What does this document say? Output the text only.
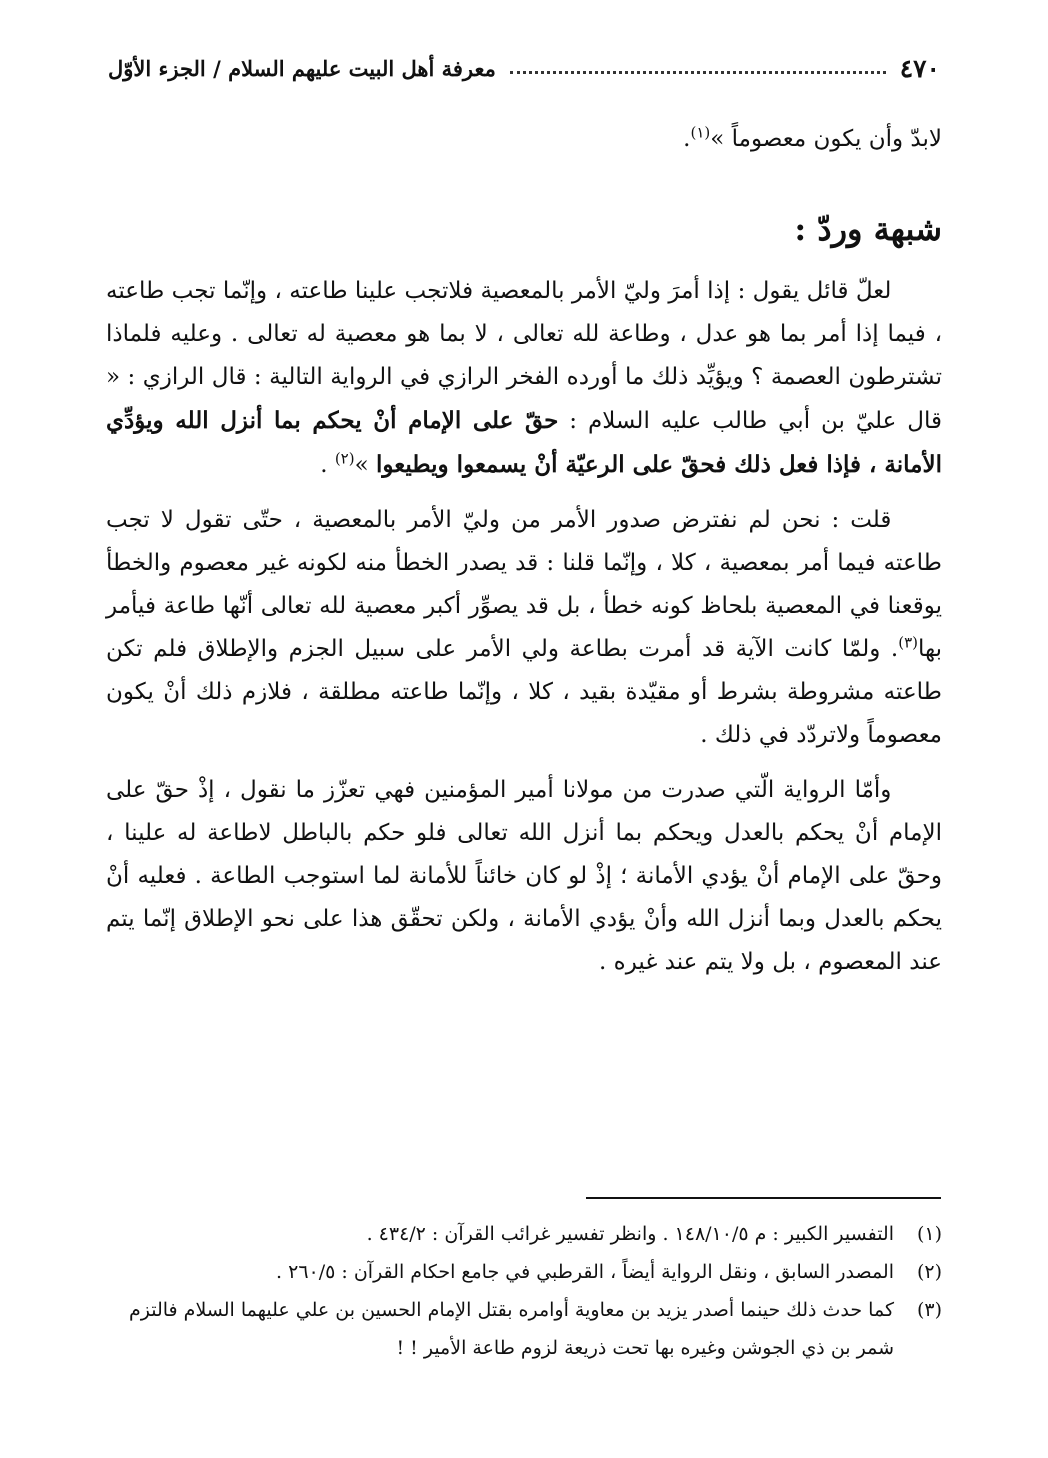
٤٧٠
معرفة أهل البيت عليهم السلام / الجزء الأوّل

لابدّ وأن يكون معصوماً »$^{(١)}$.

شبهة وردّ :

لعلّ قائل يقول : إذا أمرَ وليّ الأمر بالمعصية فلاتجب علينا طاعته ، وإنّما تجب طاعته ، فيما إذا أمر بما هو عدل ، وطاعة لله تعالى ، لا بما هو معصية له تعالى . وعليه فلماذا تشترطون العصمة ؟ ويؤيِّد ذلك ما أورده الفخر الرازي في الرواية التالية : قال الرازي : « قال عليّ بن أبي طالب عليه السلام : حقّ على الإمام أنْ يحكم بما أنزل الله ويؤدِّي الأمانة ، فإذا فعل ذلك فحقّ على الرعيّة أنْ يسمعوا ويطيعوا »$^{(٢)}$ .

قلت : نحن لم نفترض صدور الأمر من وليّ الأمر بالمعصية ، حتّى تقول لا تجب طاعته فيما أمر بمعصية ، كلا ، وإنّما قلنا : قد يصدر الخطأ منه لكونه غير معصوم والخطأ يوقعنا في المعصية بلحاظ كونه خطأ ، بل قد يصوِّر أكبر معصية لله تعالى أنّها طاعة فيأمر بها$^{(٣)}$. ولمّا كانت الآية قد أمرت بطاعة ولي الأمر على سبيل الجزم والإطلاق فلم تكن طاعته مشروطة بشرط أو مقيّدة بقيد ، كلا ، وإنّما طاعته مطلقة ، فلازم ذلك أنْ يكون معصوماً ولاتردّد في ذلك .

وأمّا الرواية الّتي صدرت من مولانا أمير المؤمنين فهي تعزّز ما نقول ، إذْ حقّ على الإمام أنْ يحكم بالعدل ويحكم بما أنزل الله تعالى فلو حكم بالباطل لاطاعة له علينا ، وحقّ على الإمام أنْ يؤدي الأمانة ؛ إذْ لو كان خائناً للأمانة لما استوجب الطاعة . فعليه أنْ يحكم بالعدل وبما أنزل الله وأنْ يؤدي الأمانة ، ولكن تحقّق هذا على نحو الإطلاق إنّما يتم عند المعصوم ، بل ولا يتم عند غيره .

(١)
التفسير الكبير : م ١٤٨/١٠/٥ . وانظر تفسير غرائب القرآن : ٤٣٤/٢ .
(٢)
المصدر السابق ، ونقل الرواية أيضاً ، القرطبي في جامع احكام القرآن : ٢٦٠/٥ .
(٣)
كما حدث ذلك حينما أصدر يزيد بن معاوية أوامره بقتل الإمام الحسين بن علي عليهما السلام فالتزم شمر بن ذي الجوشن وغيره بها تحت ذريعة لزوم طاعة الأمير ! !
